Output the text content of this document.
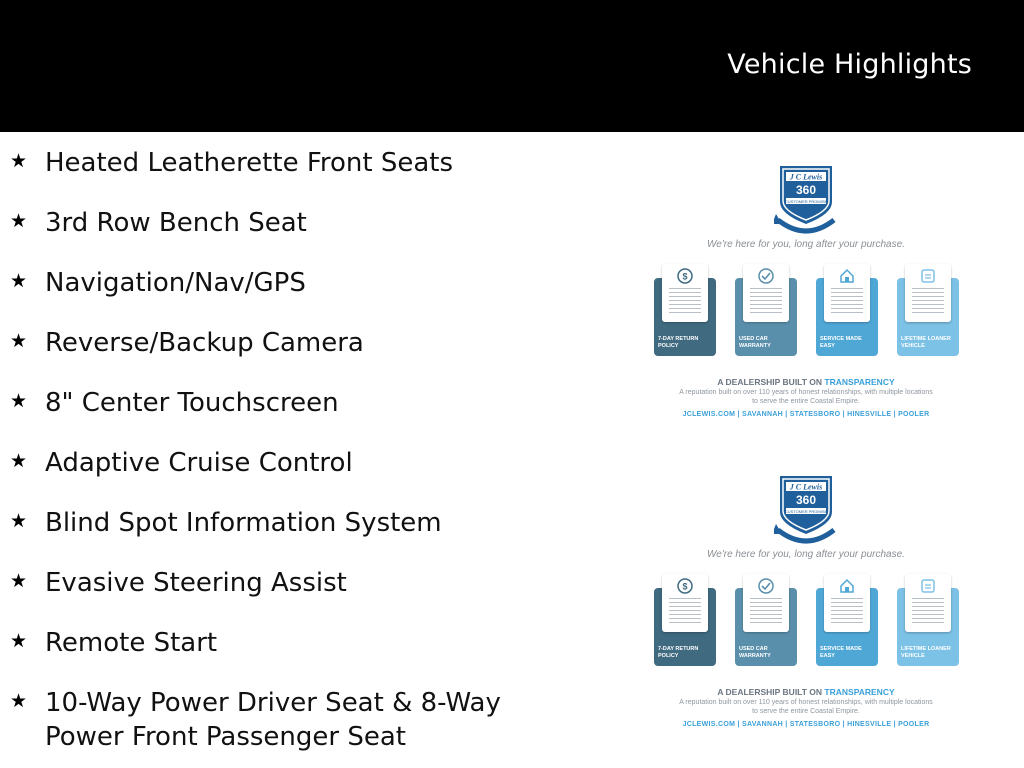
Vehicle Highlights
★ Heated Leatherette Front Seats
★ 3rd Row Bench Seat
★ Navigation/Nav/GPS
★ Reverse/Backup Camera
★ 8" Center Touchscreen
★ Adaptive Cruise Control
★ Blind Spot Information System
★ Evasive Steering Assist
★ Remote Start
★ 10-Way Power Driver Seat & 8-Way Power Front Passenger Seat
J C Lewis
360
CUSTOMER PROMISE
We're here for you, long after your purchase.
$
7-DAY RETURN POLICY
USED CAR WARRANTY
SERVICE MADE EASY
LIFETIME LOANER VEHICLE
A DEALERSHIP BUILT ON TRANSPARENCY
A reputation built on over 110 years of honest relationships, with multiple locations to serve the entire Coastal Empire.
JCLEWIS.COM | SAVANNAH | STATESBORO | HINESVILLE | POOLER
J C Lewis
360
CUSTOMER PROMISE
We're here for you, long after your purchase.
$
7-DAY RETURN POLICY
USED CAR WARRANTY
SERVICE MADE EASY
LIFETIME LOANER VEHICLE
A DEALERSHIP BUILT ON TRANSPARENCY
A reputation built on over 110 years of honest relationships, with multiple locations to serve the entire Coastal Empire.
JCLEWIS.COM | SAVANNAH | STATESBORO | HINESVILLE | POOLER
